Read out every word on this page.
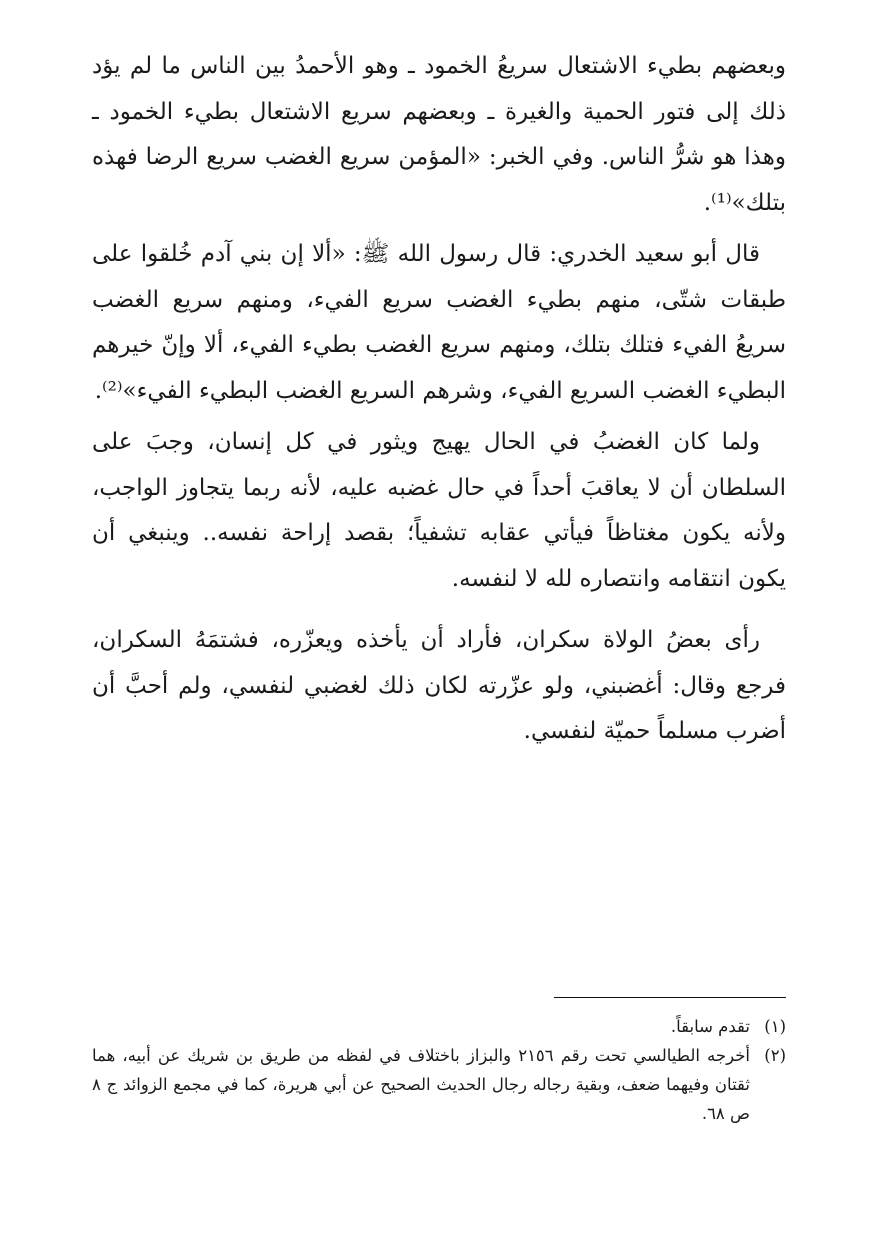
وبعضهم بطيء الاشتعال سريعُ الخمود ـ وهو الأحمدُ بين الناس ما لم يؤد ذلك إلى فتور الحمية والغيرة ـ وبعضهم سريع الاشتعال بطيء الخمود ـ وهذا هو شرُّ الناس. وفي الخبر: «المؤمن سريع الغضب سريع الرضا فهذه بتلك»⁽¹⁾.

قال أبو سعيد الخدري: قال رسول الله ﷺ: «ألا إن بني آدم خُلقوا على طبقات شتّى، منهم بطيء الغضب سريع الفيء، ومنهم سريع الغضب سريعُ الفيء فتلك بتلك، ومنهم سريع الغضب بطيء الفيء، ألا وإنّ خيرهم البطيء الغضب السريع الفيء، وشرهم السريع الغضب البطيء الفيء»⁽²⁾.

ولما كان الغضبُ في الحال يهيج ويثور في كل إنسان، وجبَ على السلطان أن لا يعاقبَ أحداً في حال غضبه عليه، لأنه ربما يتجاوز الواجب، ولأنه يكون مغتاظاً فيأتي عقابه تشفياً؛ بقصد إراحة نفسه.. وينبغي أن يكون انتقامه وانتصاره لله لا لنفسه.

رأى بعضُ الولاة سكران، فأراد أن يأخذه ويعزّره، فشتمَهُ السكران، فرجع وقال: أغضبني، ولو عزّرته لكان ذلك لغضبي لنفسي، ولم أحبَّ أن أضرب مسلماً حميّة لنفسي.

(١)
تقدم سابقاً.
(٢)
أخرجه الطيالسي تحت رقم ٢١٥٦ والبزاز باختلاف في لفظه من طريق بن شريك عن أبيه، هما ثقتان وفيهما ضعف، وبقية رجاله رجال الحديث الصحيح عن أبي هريرة، كما في مجمع الزوائد ج ٨ ص ٦٨.
